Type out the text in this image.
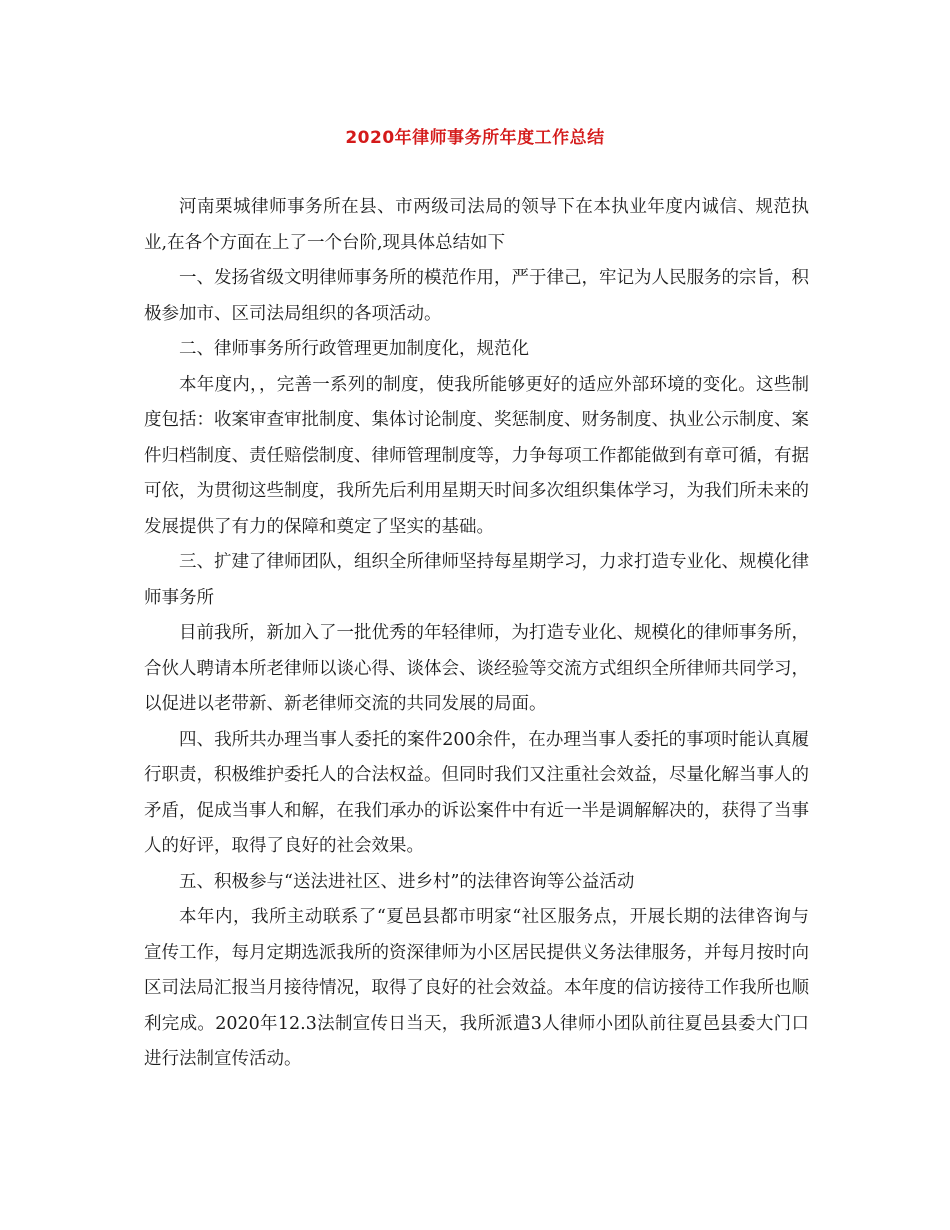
2020年律师事务所年度工作总结

河南栗城律师事务所在县、市两级司法局的领导下在本执业年度内诚信、规范执业,在各个方面在上了一个台阶,现具体总结如下

一、发扬省级文明律师事务所的模范作用，严于律己，牢记为人民服务的宗旨，积极参加市、区司法局组织的各项活动。

二、律师事务所行政管理更加制度化，规范化

本年度内，，完善一系列的制度，使我所能够更好的适应外部环境的变化。这些制度包括：收案审查审批制度、集体讨论制度、奖惩制度、财务制度、执业公示制度、案件归档制度、责任赔偿制度、律师管理制度等，力争每项工作都能做到有章可循，有据可依，为贯彻这些制度，我所先后利用星期天时间多次组织集体学习，为我们所未来的发展提供了有力的保障和奠定了坚实的基础。

三、扩建了律师团队，组织全所律师坚持每星期学习，力求打造专业化、规模化律师事务所

目前我所，新加入了一批优秀的年轻律师，为打造专业化、规模化的律师事务所，合伙人聘请本所老律师以谈心得、谈体会、谈经验等交流方式组织全所律师共同学习，以促进以老带新、新老律师交流的共同发展的局面。

四、我所共办理当事人委托的案件200余件，在办理当事人委托的事项时能认真履行职责，积极维护委托人的合法权益。但同时我们又注重社会效益，尽量化解当事人的矛盾，促成当事人和解，在我们承办的诉讼案件中有近一半是调解解决的，获得了当事人的好评，取得了良好的社会效果。

五、积极参与“送法进社区、进乡村”的法律咨询等公益活动

本年内，我所主动联系了“夏邑县都市明家“社区服务点，开展长期的法律咨询与宣传工作，每月定期选派我所的资深律师为小区居民提供义务法律服务，并每月按时向区司法局汇报当月接待情况，取得了良好的社会效益。本年度的信访接待工作我所也顺利完成。2020年12.3法制宣传日当天，我所派遣3人律师小团队前往夏邑县委大门口进行法制宣传活动。
